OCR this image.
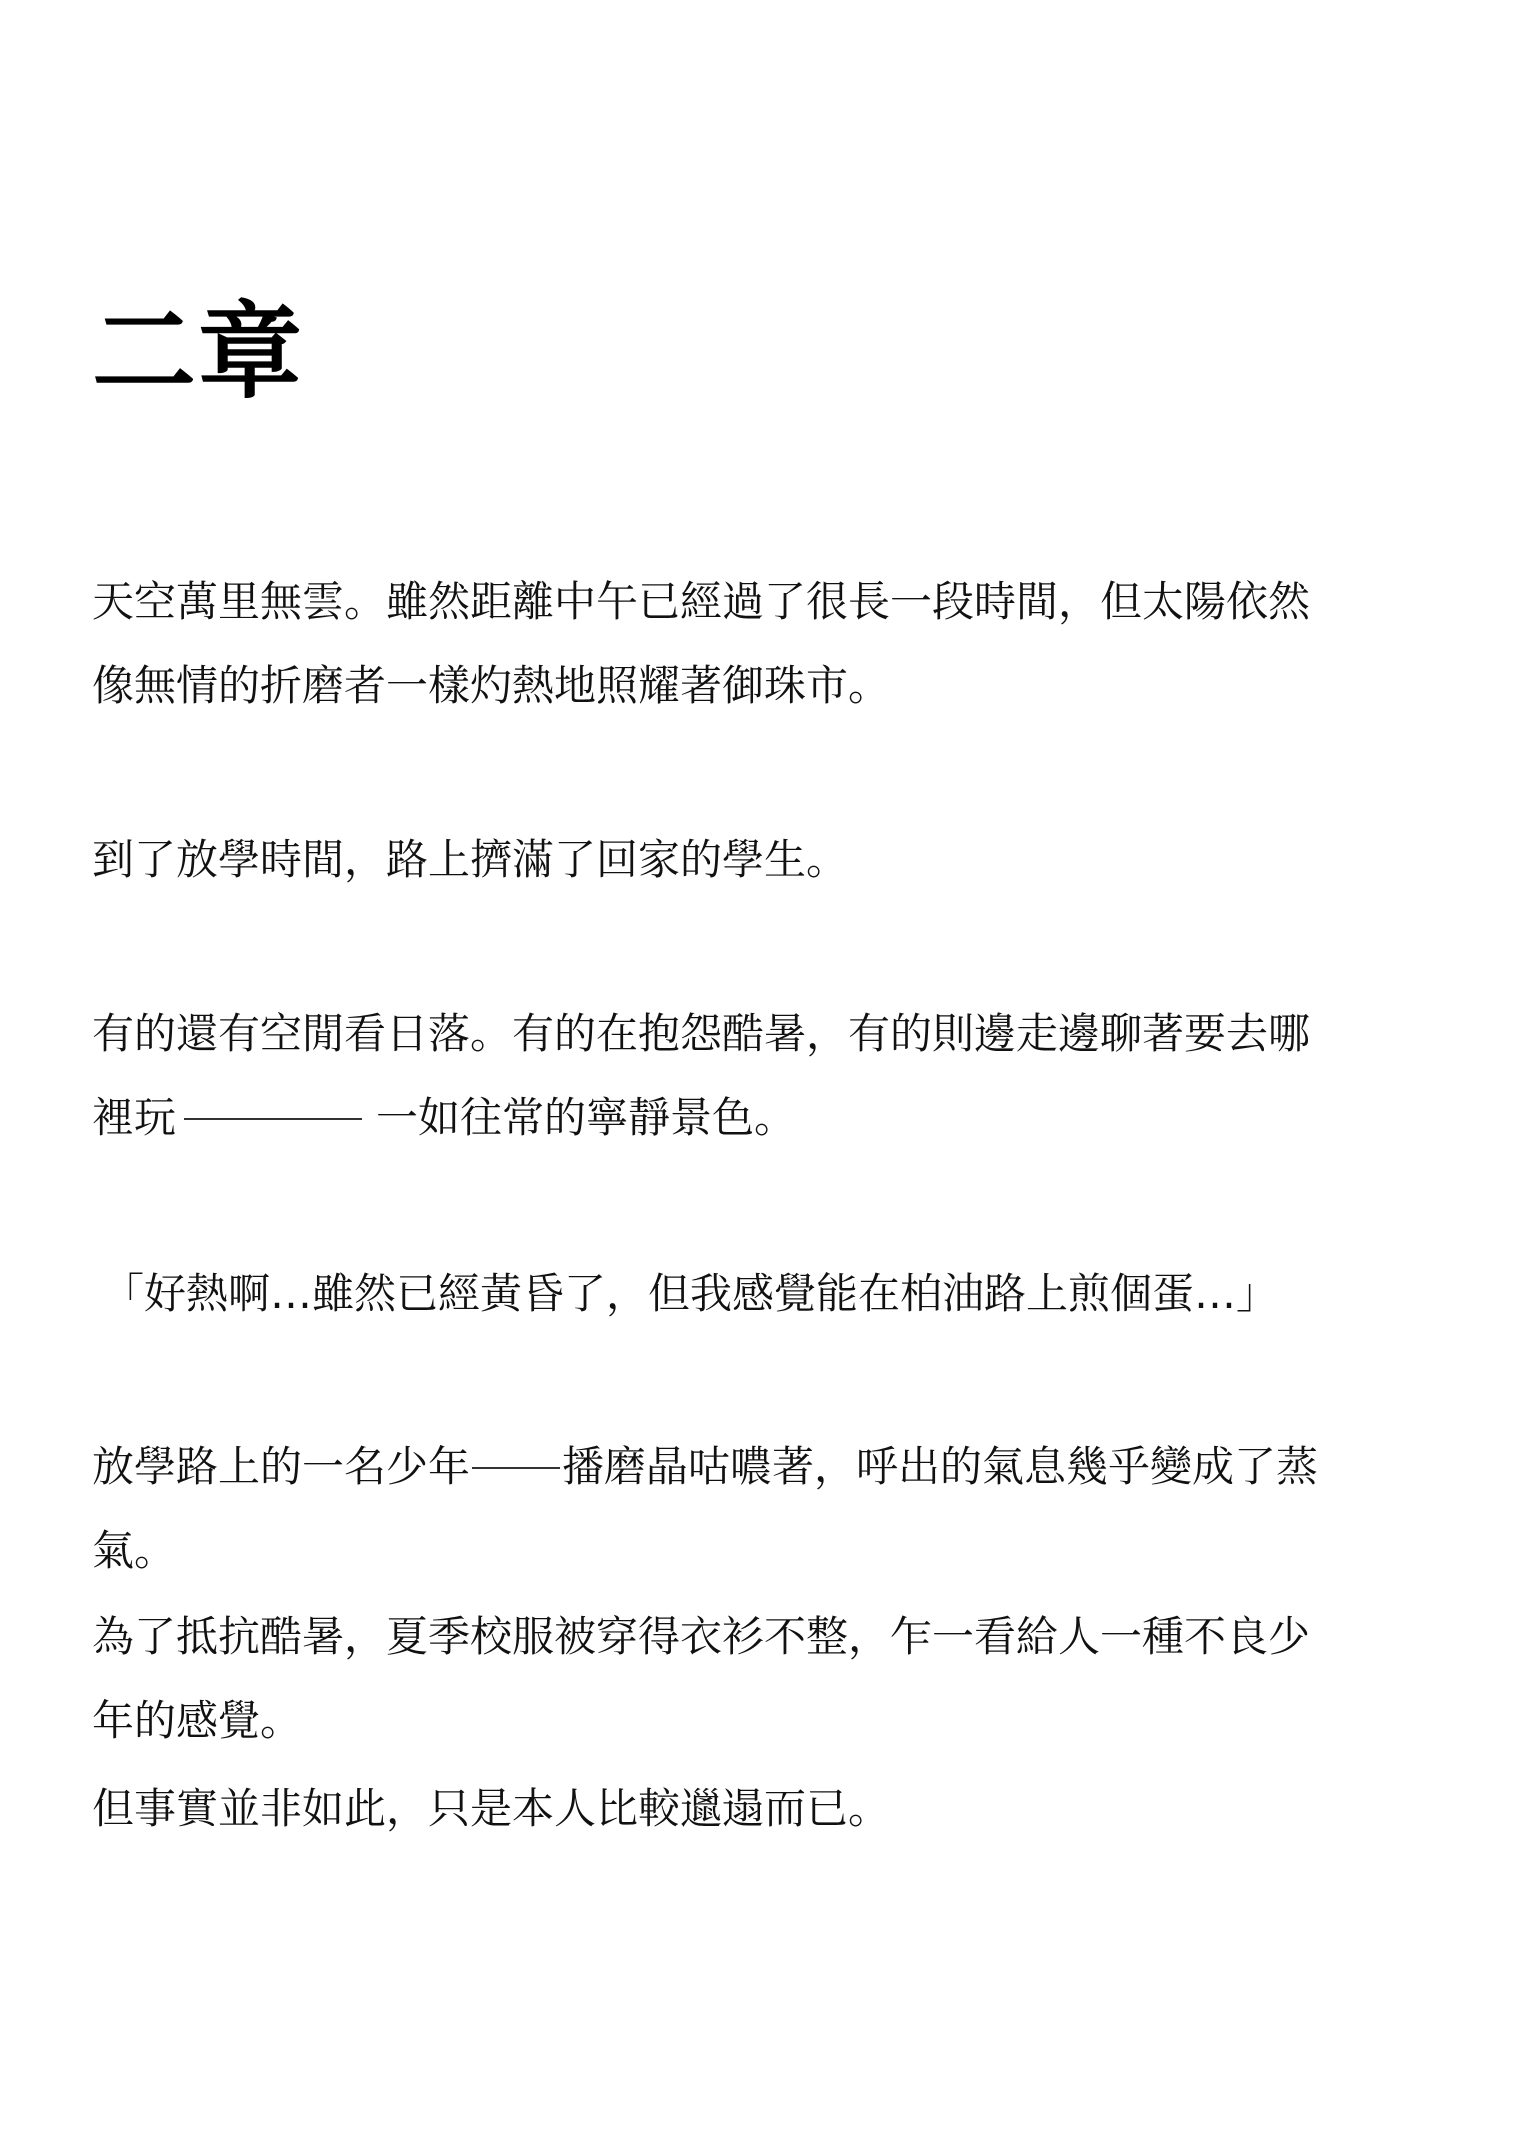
二章

天空萬里無雲。雖然距離中午已經過了很長一段時間，但太陽依然

像無情的折磨者一樣灼熱地照耀著御珠市。

到了放學時間，路上擠滿了回家的學生。

有的還有空閒看日落。有的在抱怨酷暑，有的則邊走邊聊著要去哪

裡玩	一如往常的寧靜景色。

「好熱啊…雖然已經黃昏了，但我感覺能在柏油路上煎個蛋…」

放學路上的一名少年 播磨晶咕噥著，呼出的氣息幾乎變成了蒸

氣。

為了抵抗酷暑，夏季校服被穿得衣衫不整，乍一看給人一種不良少

年的感覺。

但事實並非如此，只是本人比較邋遢而已。
